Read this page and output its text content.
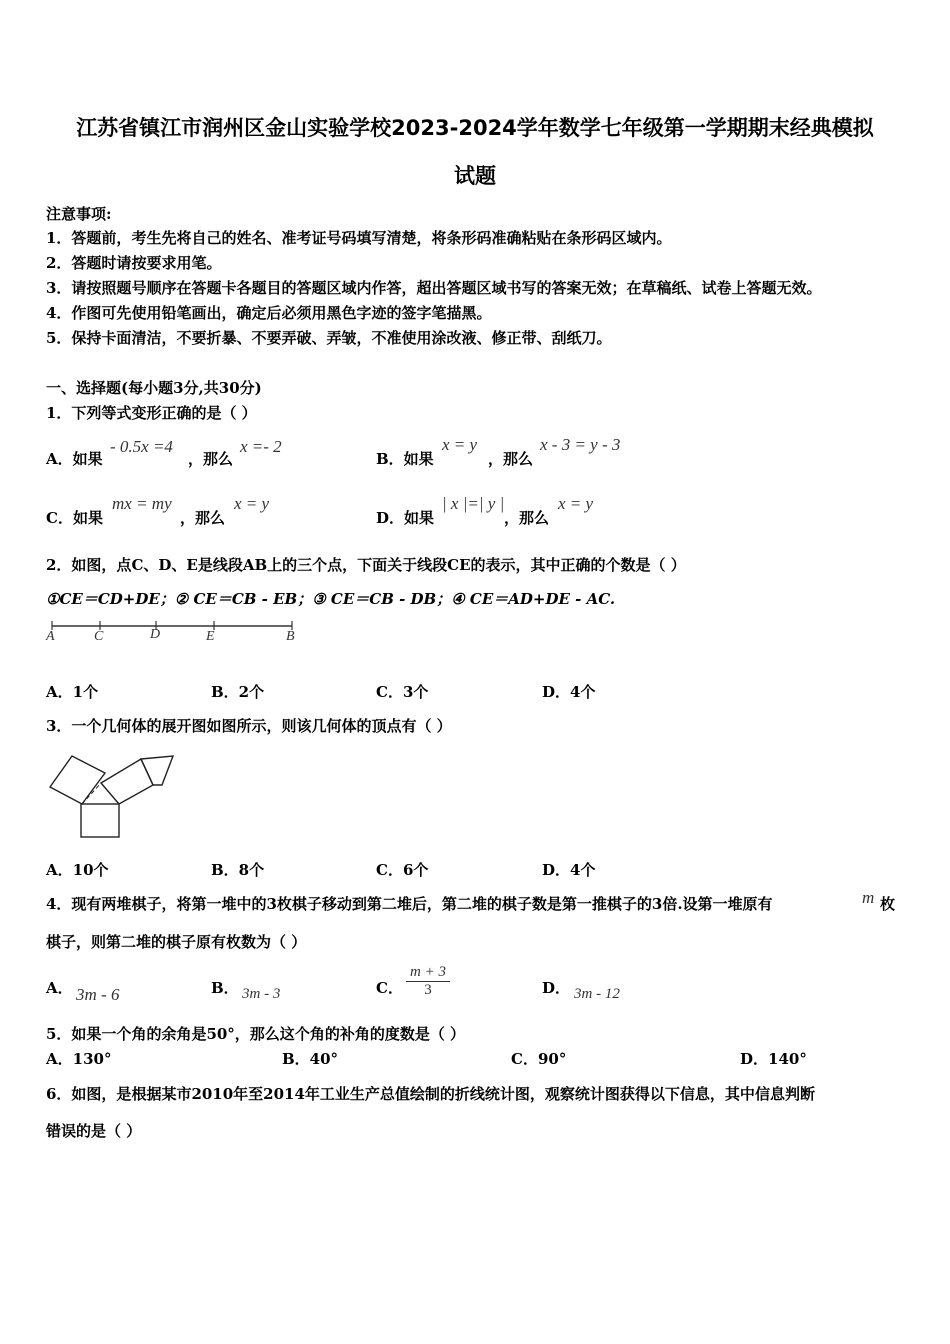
江苏省镇江市润州区金山实验学校2023-2024学年数学七年级第一学期期末经典模拟
试题
注意事项:
1．答题前，考生先将自己的姓名、准考证号码填写清楚，将条形码准确粘贴在条形码区域内。
2．答题时请按要求用笔。
3．请按照题号顺序在答题卡各题目的答题区域内作答，超出答题区域书写的答案无效；在草稿纸、试卷上答题无效。
4．作图可先使用铅笔画出，确定后必须用黑色字迹的签字笔描黑。
5．保持卡面清洁，不要折暴、不要弄破、弄皱，不准使用涂改液、修正带、刮纸刀。
一、选择题(每小题3分,共30分)
1．下列等式变形正确的是（ ）
A．如果
- 0.5x =4
，那么
x =- 2
B．如果
x = y
，那么
x - 3 = y - 3
C．如果
mx = my
，那么
x = y
D．如果
| x |=| y |
，那么
x = y
2．如图，点C、D、E是线段AB上的三个点，下面关于线段CE的表示，其中正确的个数是（ ）
①CE＝CD+DE；② CE＝CB - EB；③ CE＝CB - DB；④ CE＝AD+DE - AC.
A	C	D	E	B
A．1个	B．2个	C．3个	D．4个
3．一个几何体的展开图如图所示，则该几何体的顶点有（ ）
A．10个	B．8个	C．6个	D．4个
4．现有两堆棋子，将第一堆中的3枚棋子移动到第二堆后，第二堆的棋子数是第一推棋子的3倍.设第一堆原有	m 枚
棋子，则第二堆的棋子原有枚数为（ ）
A． 3m - 6	B． 3m - 3	C． $\frac{m + 3}{3}$	D． 3m - 12
5．如果一个角的余角是50°，那么这个角的补角的度数是（ ）
A．130°	B．40°	C．90°	D．140°
6．如图，是根据某市2010年至2014年工业生产总值绘制的折线统计图，观察统计图获得以下信息，其中信息判断
错误的是（ ）
